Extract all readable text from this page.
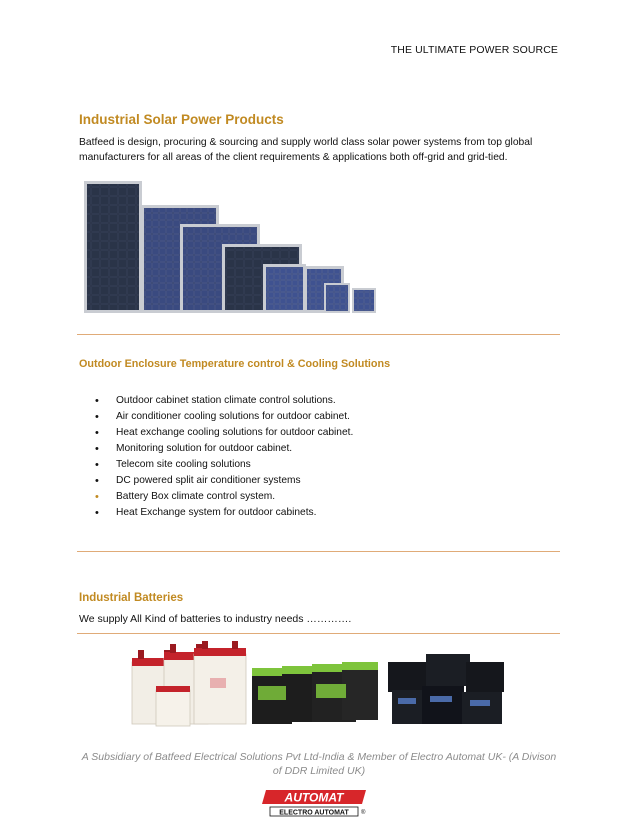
THE ULTIMATE POWER SOURCE
Industrial Solar Power Products
Batfeed is design, procuring & sourcing and supply world class solar power systems from top global manufacturers for all areas of the client requirements & applications both off-grid and grid-tied.
Outdoor Enclosure Temperature control & Cooling Solutions
• Outdoor cabinet station climate control solutions.
• Air conditioner cooling solutions for outdoor cabinet.
• Heat exchange cooling solutions for outdoor cabinet.
• Monitoring solution for outdoor cabinet.
• Telecom site cooling solutions
• DC powered split air conditioner systems
• Battery Box climate control system.
• Heat Exchange system for outdoor cabinets.
Industrial Batteries
We supply All Kind of batteries to industry needs ………….
A Subsidiary of Batfeed Electrical Solutions Pvt Ltd-India & Member of Electro Automat UK- (A Divison of DDR Limited UK)
AUTOMAT
ELECTRO AUTOMAT ®
